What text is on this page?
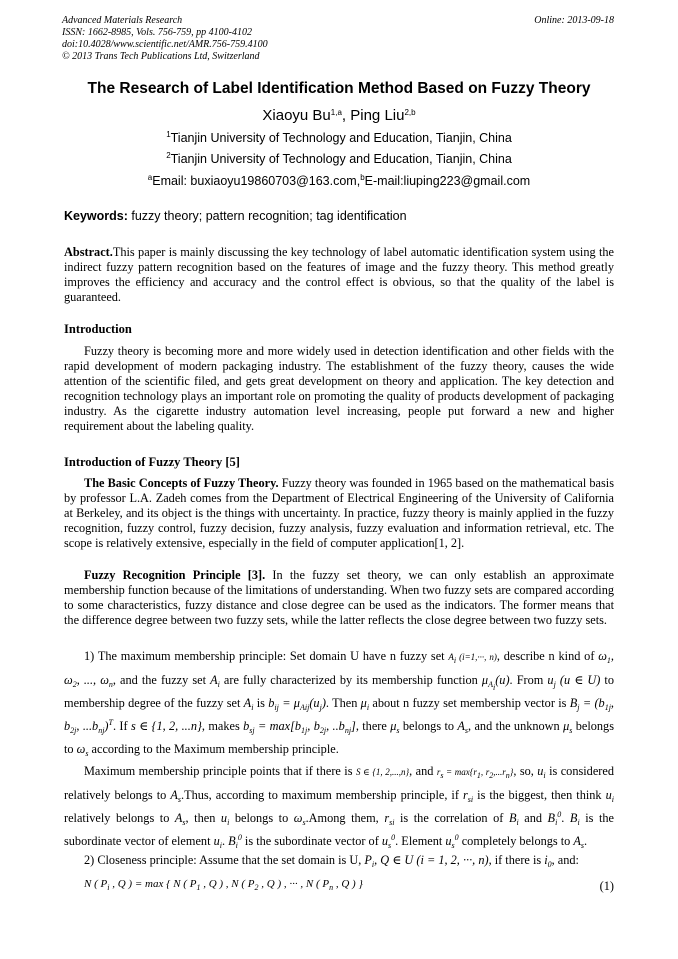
Advanced Materials Research
ISSN: 1662-8985, Vols. 756-759, pp 4100-4102
doi:10.4028/www.scientific.net/AMR.756-759.4100
© 2013 Trans Tech Publications Ltd, Switzerland
Online: 2013-09-18
The Research of Label Identification Method Based on Fuzzy Theory
Xiaoyu Bu$^{1,a}$, Ping Liu$^{2,b}$
$^1$Tianjin University of Technology and Education, Tianjin, China
$^2$Tianjin University of Technology and Education, Tianjin, China
$^a$Email: buxiaoyu19860703@163.com,$^b$E-mail:liuping223@gmail.com
Keywords: fuzzy theory; pattern recognition; tag identification
Abstract.This paper is mainly discussing the key technology of label automatic identification system using the indirect fuzzy pattern recognition based on the features of image and the fuzzy theory. This method greatly improves the efficiency and accuracy and the control effect is obvious, so that the quality of the label is guaranteed.
Introduction
Fuzzy theory is becoming more and more widely used in detection identification and other fields with the rapid development of modern packaging industry. The establishment of the fuzzy theory, causes the wide attention of the scientific filed, and gets great development on theory and application. The key detection and recognition technology plays an important role on promoting the quality of products development of packaging industry. As the cigarette industry automation level increasing, people put forward a new and higher requirement about the labeling quality.
Introduction of Fuzzy Theory [5]
The Basic Concepts of Fuzzy Theory. Fuzzy theory was founded in 1965 based on the mathematical basis by professor L.A. Zadeh comes from the Department of Electrical Engineering of the University of California at Berkeley, and its object is the things with uncertainty. In practice, fuzzy theory is mainly applied in the fuzzy recognition, fuzzy control, fuzzy decision, fuzzy analysis, fuzzy evaluation and information retrieval, etc. The scope is relatively extensive, especially in the field of computer application[1, 2].
Fuzzy Recognition Principle [3]. In the fuzzy set theory, we can only establish an approximate membership function because of the limitations of understanding. When two fuzzy sets are compared according to some characteristics, fuzzy distance and close degree can be used as the indicators. The former means that the difference degree between two fuzzy sets, while the latter reflects the close degree between two fuzzy sets.
1) The maximum membership principle: Set domain U have n fuzzy set $A_i$ (i=1,···, n), describe n kind of $\omega_1$, $\omega_2$, ..., $\omega_n$, and the fuzzy set $A_i$ are fully characterized by its membership function $\mu_{A_i}(u)$. From $u_j$ (u ∈ U) to membership degree of the fuzzy set $A_i$ is $b_{ij} = \mu_{Aij}(u_j)$. Then $\mu_i$ about n fuzzy set membership vector is $B_j = (b_{1j}$, $b_{2j}$, $...b_{nj})^T$. If s ∈ {1, 2, ...n}, makes $b_{sj} = \max[b_{1j}$, $b_{2j}$, $..b_{nj}$], there $\mu_s$ belongs to $A_s$, and the unknown $\mu_s$ belongs to $\omega_s$ according to the Maximum membership principle.
Maximum membership principle points that if there is S ∈ {1, 2,...,n}, and $r_s = \max\{r_1$, $r_2,...r_n$}, so, $u_i$ is considered relatively belongs to $A_s.Thus$, according to maximum membership principle, if $r_{si}$ is the biggest, then think $u_i$ relatively belongs to $A_s$, then $u_i$ belongs to $\omega_s.Among$ them, $r_{si}$ is the correlation of $B_i$ and $B_i^0$. $B_i$ is the subordinate vector of element $u_i$. $B_i^0$ is the subordinate vector of $u_s^0$. Element $u_s^0$ completely belongs to $A_s$.
2) Closeness principle: Assume that the set domain is U, $P_i$, Q ∈ U (i = 1, 2, ···, n), if there is $i_0$, and:
N ( $P_i$ , Q ) = max { N ( $P_1$ , Q ) , N ( $P_2$ , Q ) , ··· , N ( $P_n$ , Q ) }	(1)
